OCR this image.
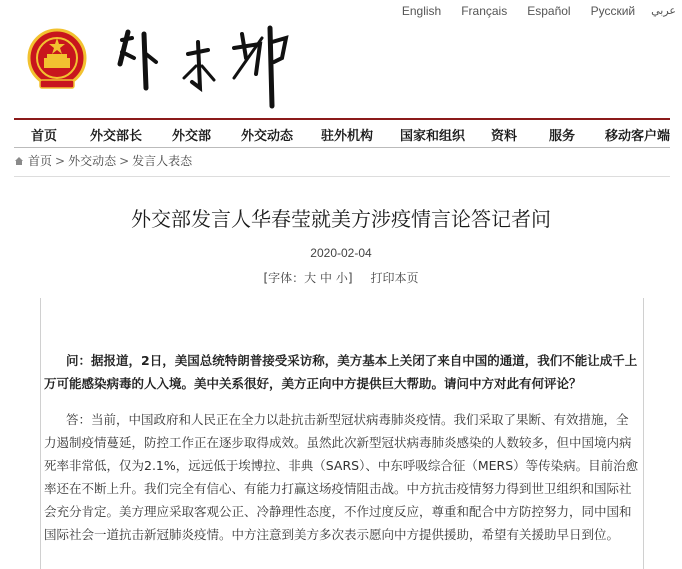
English Français Español Русский عربي
首页	外交部长 外交部 外交动态 驻外机构 国家和组织 资料 服务 移动客户端
首页 > 外交动态 > 发言人表态
外交部发言人华春莹就美方涉疫情言论答记者问
2020-02-04
[字体：大 中 小] 打印本页

问：据报道，2日，美国总统特朗普接受采访称，美方基本上关闭了来自中国的通道，我们不能让成千上万可能感染病毒的人入境。美中关系很好，美方正向中方提供巨大帮助。请问中方对此有何评论？

答：当前，中国政府和人民正在全力以赴抗击新型冠状病毒肺炎疫情。我们采取了果断、有效措施，全力遏制疫情蔓延，防控工作正在逐步取得成效。虽然此次新型冠状病毒肺炎感染的人数较多，但中国境内病死率非常低，仅为2.1%，远远低于埃博拉、非典（SARS）、中东呼吸综合征（MERS）等传染病。目前治愈率还在不断上升。我们完全有信心、有能力打赢这场疫情阻击战。中方抗击疫情努力得到世卫组织和国际社会充分肯定。美方理应采取客观公正、冷静理性态度，不作过度反应，尊重和配合中方防控努力，同中国和国际社会一道抗击新冠肺炎疫情。中方注意到美方多次表示愿向中方提供援助，希望有关援助早日到位。
